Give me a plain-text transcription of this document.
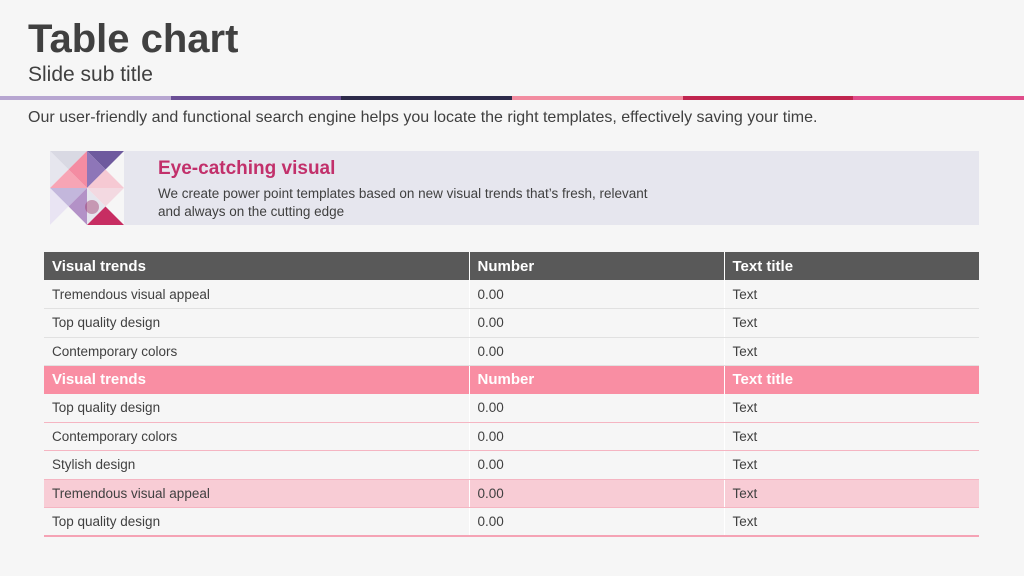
Table chart
Slide sub title
Our user-friendly and functional search engine helps you locate the right templates, effectively saving your time.
Eye-catching visual
We create power point templates based on new visual trends that’s fresh, relevant and always on the cutting edge
Visual trends	Number	Text title
Tremendous visual appeal	0.00	Text
Top quality design	0.00	Text
Contemporary colors	0.00	Text
Visual trends	Number	Text title
Top quality design	0.00	Text
Contemporary colors	0.00	Text
Stylish design	0.00	Text
Tremendous visual appeal	0.00	Text
Top quality design	0.00	Text
